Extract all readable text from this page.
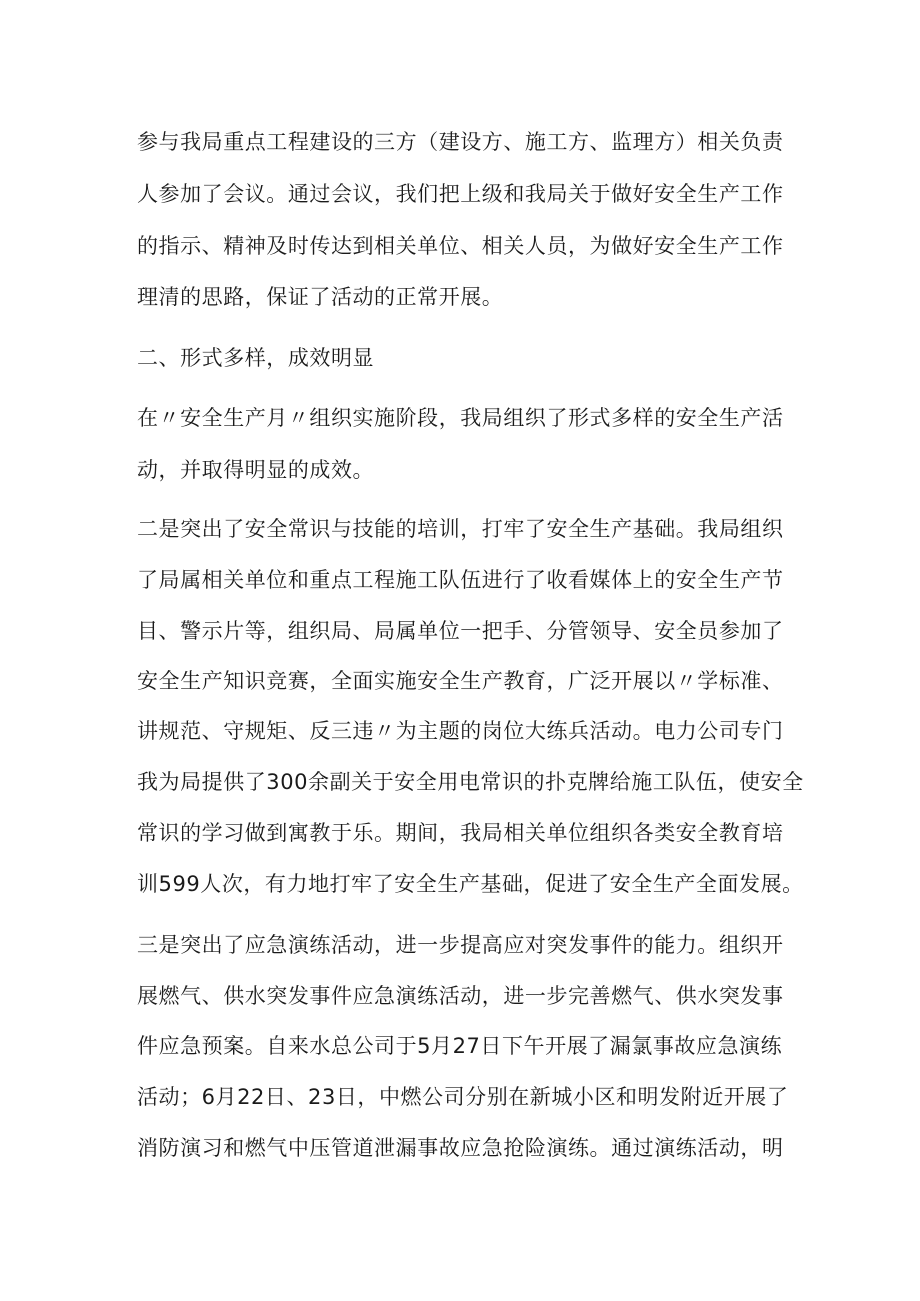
参与我局重点工程建设的三方（建设方、施工方、监理方）相关负责
人参加了会议。通过会议，我们把上级和我局关于做好安全生产工作
的指示、精神及时传达到相关单位、相关人员，为做好安全生产工作
理清的思路，保证了活动的正常开展。
二、形式多样，成效明显
在〃安全生产月〃组织实施阶段，我局组织了形式多样的安全生产活
动，并取得明显的成效。
二是突出了安全常识与技能的培训，打牢了安全生产基础。我局组织
了局属相关单位和重点工程施工队伍进行了收看媒体上的安全生产节
目、警示片等，组织局、局属单位一把手、分管领导、安全员参加了
安全生产知识竞赛，全面实施安全生产教育，广泛开展以〃学标准、
讲规范、守规矩、反三违〃为主题的岗位大练兵活动。电力公司专门
我为局提供了300余副关于安全用电常识的扑克牌给施工队伍，使安全
常识的学习做到寓教于乐。期间，我局相关单位组织各类安全教育培
训599人次，有力地打牢了安全生产基础，促进了安全生产全面发展。
三是突出了应急演练活动，进一步提高应对突发事件的能力。组织开
展燃气、供水突发事件应急演练活动，进一步完善燃气、供水突发事
件应急预案。自来水总公司于5月27日下午开展了漏氯事故应急演练
活动；6月22日、23日，中燃公司分别在新城小区和明发附近开展了
消防演习和燃气中压管道泄漏事故应急抢险演练。通过演练活动，明
